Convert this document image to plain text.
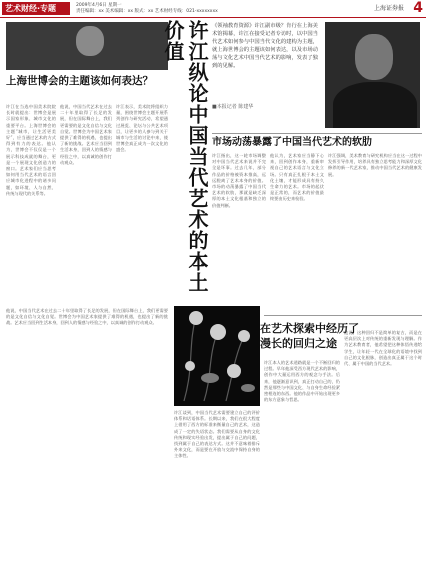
艺术财经·专题	2009年4月6日 星期一
责任编辑：xx 美术编辑：xx 版式：xx 艺术财经专线：021-xxxxxxxx	上海证券报 4
上海世博会的主题该如何表达？
许江在当选中国美术院院长时就提出：世博会是展示国家形象、城市文化的重要平台。上海世博会的主题“城市，让生活更美好”，应当通过艺术的方式得到有力的表达。他认为，世博会不仅仅是一个展示科技成就的舞台，更是一个展现文化创造力的窗口。艺术家们应当思考如何用当代艺术的语言回应城市化进程中的诸多问题，如环境、人与自然、传统与现代的关系等。
他说，中国当代艺术在过去二十年里取得了长足的发展，但在国际舞台上，我们更需要的是文化自信与文化自觉。世博会为中国艺术家提供了难得的机遇，也提出了新的挑战。艺术应当回到生活本身，回到人的情感与经验之中，以真诚的创作打动观众。
许江表示，美术院将组织力量，围绕世博会主题开展系列创作与研究活动，希望通过展览、论坛与公共艺术项目，让更多的人参与到关于城市与生活的讨论中来，使世博会真正成为一次文化的盛会。	许江纵论中国当代艺术的本土价值	《领袖教育资源》许江副市级？肯行在上海美术馆揭幕，许江在接受记者专访时，以中国当代艺术如何参与中国当代文化的建构为主题，就上海世博会的主题该如何表达，以及市场动荡与文化艺术中国当代艺术的影响，发表了独到的见解。
■本报记者 陈建华
市场动荡暴露了中国当代艺术的软肋
许江指出，这一轮市场调整对中国当代艺术来说并不完全是坏事。过去几年，部分作品的价格被资本推高，远远脱离了艺术本身的价值。市场的动荡暴露了中国当代艺术的软肋，那就是缺乏深厚的本土文化根基和独立的价值判断。
他认为，艺术家应当静下心来，回到创作本身，重新审视自己的艺术语言与文化立场。只有真正扎根于本土文化土壤，才能形成具有持久生命力的艺术。市场的起伏是正常的，而艺术的价值最终要由历史来检验。
许江强调，美术教育与研究机构应当在这一过程中发挥引导作用，培养具有独立思考能力和深厚文化修养的新一代艺术家，推动中国当代艺术的健康发展。
许江谈到，中国当代艺术需要建立自己的评价体系和话语体系。长期以来，我们在很大程度上借用了西方的标准来衡量自己的艺术，这造成了一定的失语状态。我们需要从自身的文化传统和现实经验出发，提出属于自己的问题，找到属于自己的表达方式。这并不意味着排斥外来文化，而是要在开放与交流中保持自身的主体性。
在艺术探索中经历了漫长的回归之途
许江本人的艺术道路就是一个不断回归的过程。早年他深受西方现代艺术的影响，创作中大量运用西方的观念与手法。后来，他逐渐意识到，真正打动自己的，仍然是那些与中国文化、与自身生命经验紧密相连的东西。他的作品中开始出现更多的东方意象与哲思。
他说，这种回归不是简单的复古，而是在更高层次上对传统的重新发现与理解。作为艺术教育者，他希望把这种体悟传递给学生，让年轻一代在全球化的语境中找到自己的文化根脉，创造出真正属于这个时代、属于中国的当代艺术。
他说，中国当代艺术在过去二十年里取得了长足的发展，但在国际舞台上，我们更需要的是文化自信与文化自觉。世博会为中国艺术家提供了难得的机遇，也提出了新的挑战。艺术应当回到生活本身，回到人的情感与经验之中，以真诚的创作打动观众。
